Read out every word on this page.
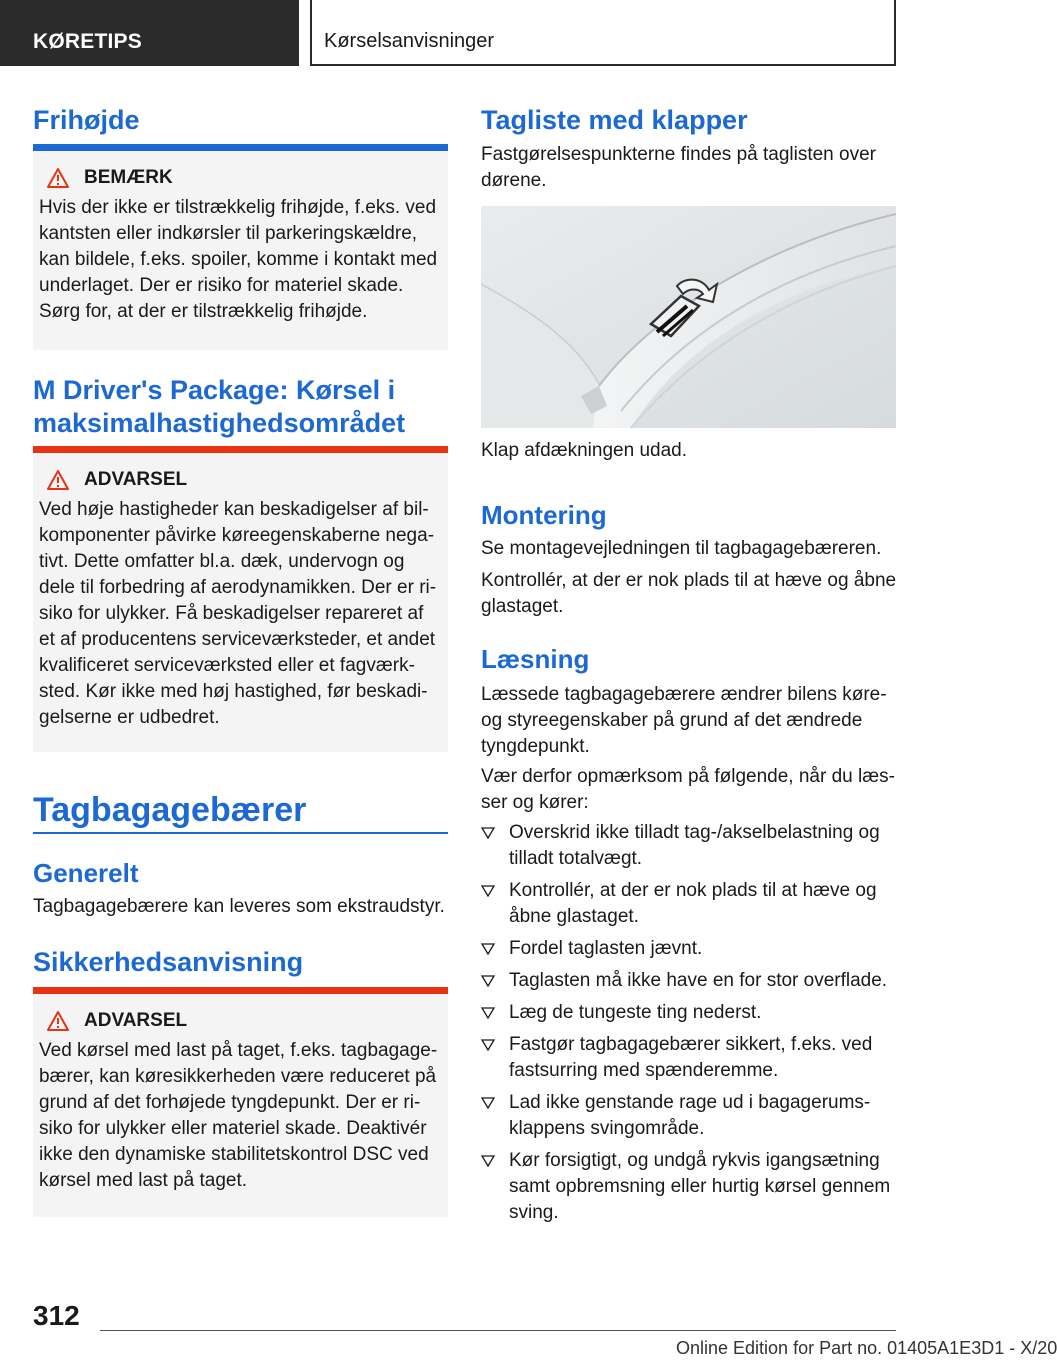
KØRETIPS	Kørselsanvisninger
Frihøjde
BEMÆRK
Hvis der ikke er tilstrækkelig frihøjde, f.eks. ved kantsten eller indkørsler til parkeringskældre, kan bildele, f.eks. spoiler, komme i kontakt med underlaget. Der er risiko for materiel skade. Sørg for, at der er tilstrækkelig frihøjde.
M Driver's Package: Kørsel i maksimalhastighedsområdet
ADVARSEL
Ved høje hastigheder kan beskadigelser af bilkomponenter påvirke køreegenskaberne negativt. Dette omfatter bl.a. dæk, undervogn og dele til forbedring af aerodynamikken. Der er risiko for ulykker. Få beskadigelser repareret af et af producentens serviceværksteder, et andet kvalificeret serviceværksted eller et fagværksted. Kør ikke med høj hastighed, før beskadigelserne er udbedret.
Tagbagagebærer
Generelt
Tagbagagebærere kan leveres som ekstraudstyr.
Sikkerhedsanvisning
ADVARSEL
Ved kørsel med last på taget, f.eks. tagbagagebærer, kan køresikkerheden være reduceret på grund af det forhøjede tyngdepunkt. Der er risiko for ulykker eller materiel skade. Deaktivér ikke den dynamiske stabilitetskontrol DSC ved kørsel med last på taget.
Tagliste med klapper
Fastgørelsespunkterne findes på taglisten over dørene.
Klap afdækningen udad.
Montering
Se montagevejledningen til tagbagagebæreren.
Kontrollér, at der er nok plads til at hæve og åbne glastaget.
Læsning
Læssede tagbagagebærere ændrer bilens køreog styreegenskaber på grund af det ændrede tyngdepunkt.
Vær derfor opmærksom på følgende, når du læsser og kører:
Overskrid ikke tilladt tag-/akselbelastning og tilladt totalvægt.
Kontrollér, at der er nok plads til at hæve og åbne glastaget.
Fordel taglasten jævnt.
Taglasten må ikke have en for stor overflade.
Læg de tungeste ting nederst.
Fastgør tagbagagebærer sikkert, f.eks. ved fastsurring med spænderemme.
Lad ikke genstande rage ud i bagagerumsklappens svingområde.
Kør forsigtigt, og undgå rykvis igangsætning samt opbremsning eller hurtig kørsel gennem sving.
312
Online Edition for Part no. 01405A1E3D1 - X/20
